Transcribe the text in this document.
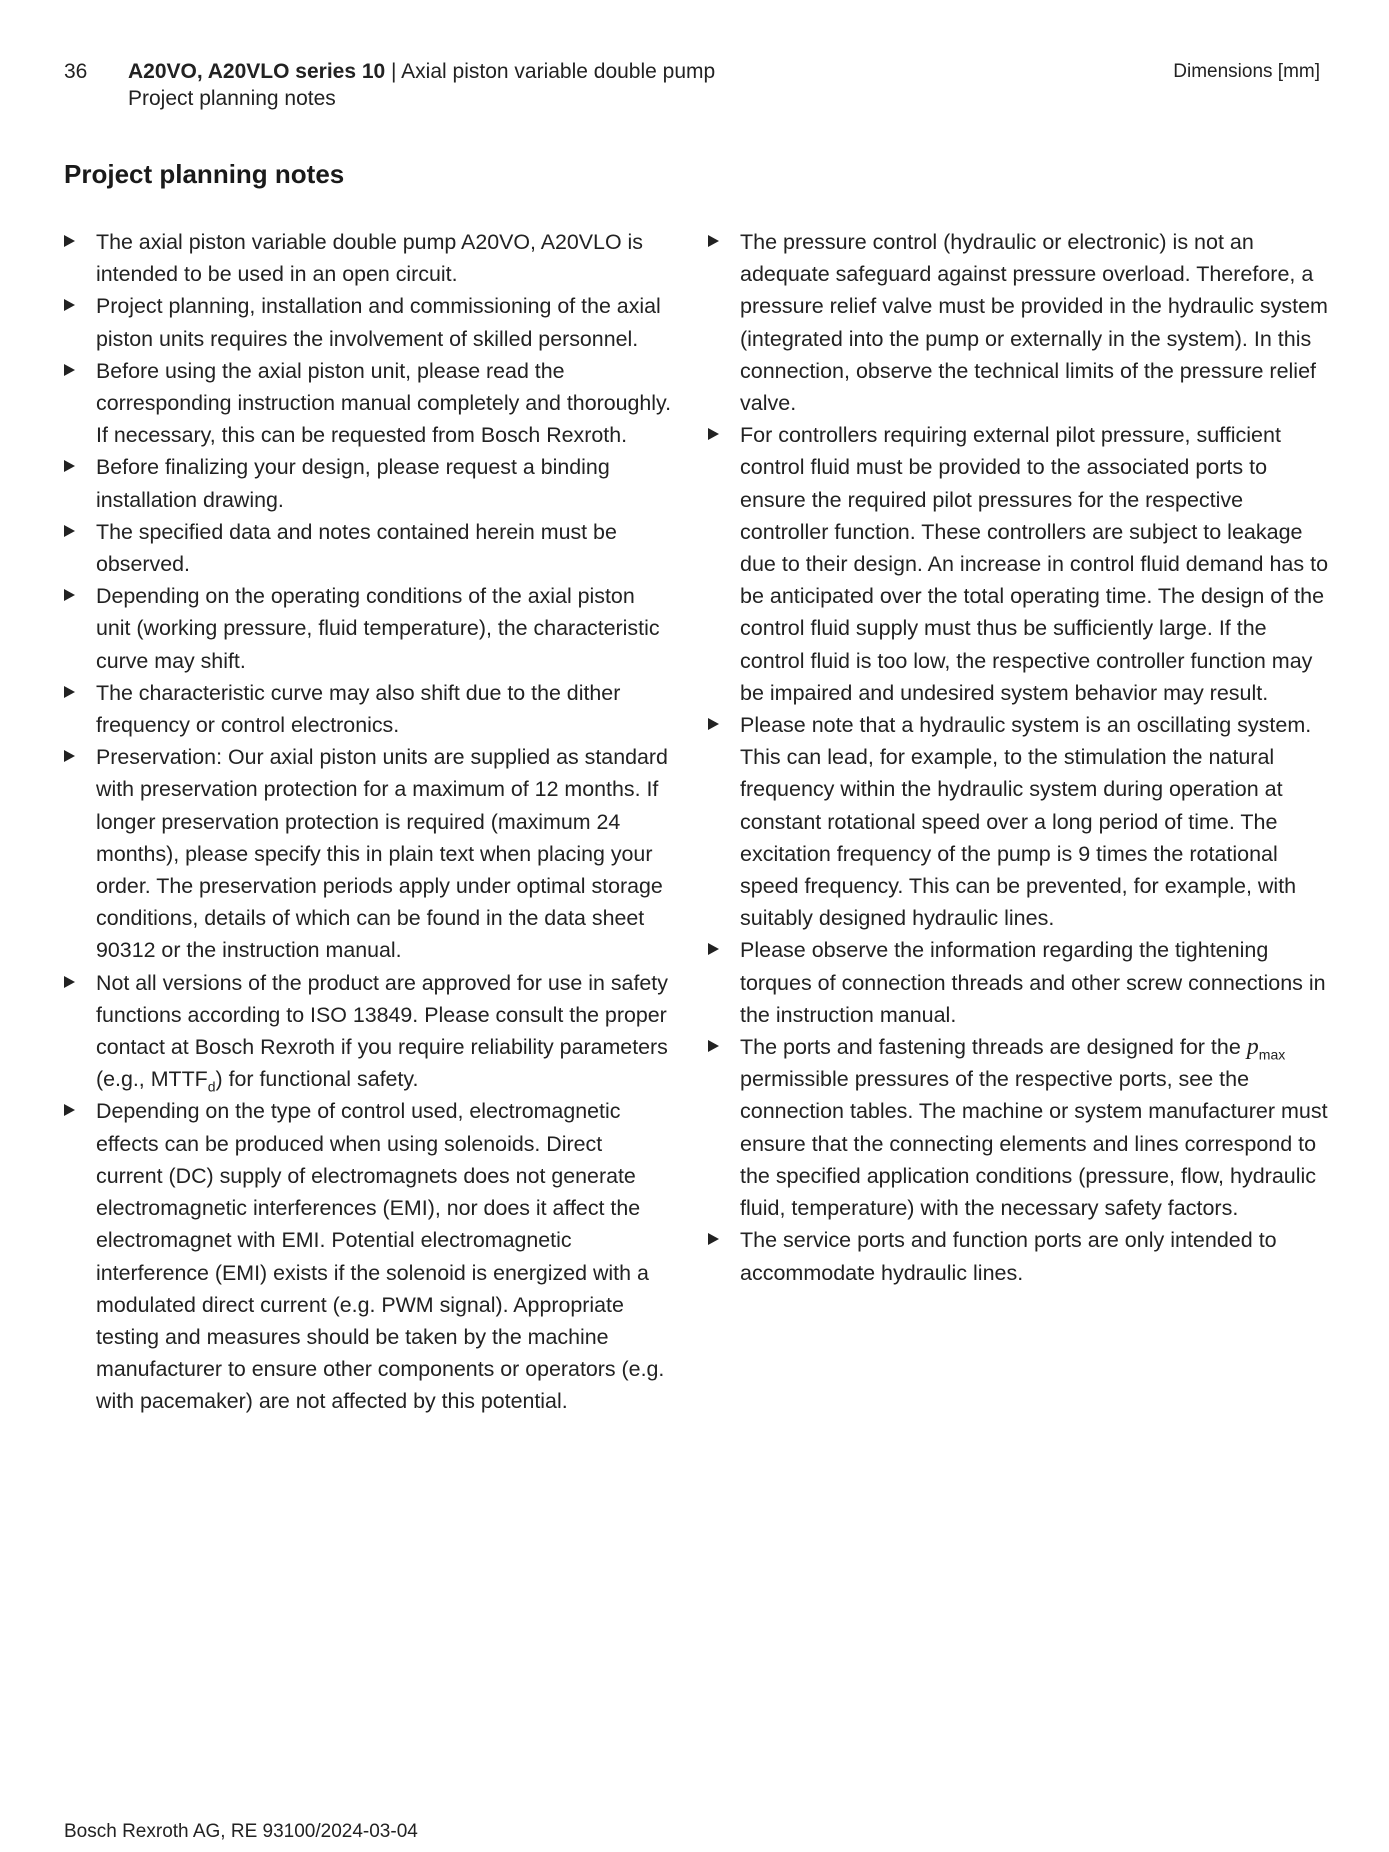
36 A20VO, A20VLO series 10 | Axial piston variable double pump
Project planning notes
Dimensions [mm]
Project planning notes
The axial piston variable double pump A20VO, A20VLO is intended to be used in an open circuit.
Project planning, installation and commissioning of the axial piston units requires the involvement of skilled personnel.
Before using the axial piston unit, please read the corresponding instruction manual completely and thoroughly. If necessary, this can be requested from Bosch Rexroth.
Before finalizing your design, please request a binding installation drawing.
The specified data and notes contained herein must be observed.
Depending on the operating conditions of the axial piston unit (working pressure, fluid temperature), the characteristic curve may shift.
The characteristic curve may also shift due to the dither frequency or control electronics.
Preservation: Our axial piston units are supplied as standard with preservation protection for a maximum of 12 months. If longer preservation protection is required (maximum 24 months), please specify this in plain text when placing your order. The preservation periods apply under optimal storage conditions, details of which can be found in the data sheet 90312 or the instruction manual.
Not all versions of the product are approved for use in safety functions according to ISO 13849. Please consult the proper contact at Bosch Rexroth if you require reliability parameters (e.g., $MTTF_d$) for functional safety.
Depending on the type of control used, electromagnetic effects can be produced when using solenoids. Direct current (DC) supply of electromagnets does not generate electromagnetic interferences (EMI), nor does it affect the electromagnet with EMI. Potential electromagnetic interference (EMI) exists if the solenoid is energized with a modulated direct current (e.g. PWM signal). Appropriate testing and measures should be taken by the machine manufacturer to ensure other components or operators (e.g. with pacemaker) are not affected by this potential.
The pressure control (hydraulic or electronic) is not an adequate safeguard against pressure overload. Therefore, a pressure relief valve must be provided in the hydraulic system (integrated into the pump or externally in the system). In this connection, observe the technical limits of the pressure relief valve.
For controllers requiring external pilot pressure, sufficient control fluid must be provided to the associated ports to ensure the required pilot pressures for the respective controller function. These controllers are subject to leakage due to their design. An increase in control fluid demand has to be anticipated over the total operating time. The design of the control fluid supply must thus be sufficiently large. If the control fluid is too low, the respective controller function may be impaired and undesired system behavior may result.
Please note that a hydraulic system is an oscillating system. This can lead, for example, to the stimulation the natural frequency within the hydraulic system during operation at constant rotational speed over a long period of time. The excitation frequency of the pump is 9 times the rotational speed frequency. This can be prevented, for example, with suitably designed hydraulic lines.
Please observe the information regarding the tightening torques of connection threads and other screw connections in the instruction manual.
The ports and fastening threads are designed for the $p_{max}$ permissible pressures of the respective ports, see the connection tables. The machine or system manufacturer must ensure that the connecting elements and lines correspond to the specified application conditions (pressure, flow, hydraulic fluid, temperature) with the necessary safety factors.
The service ports and function ports are only intended to accommodate hydraulic lines.
Bosch Rexroth AG, RE 93100/2024-03-04
